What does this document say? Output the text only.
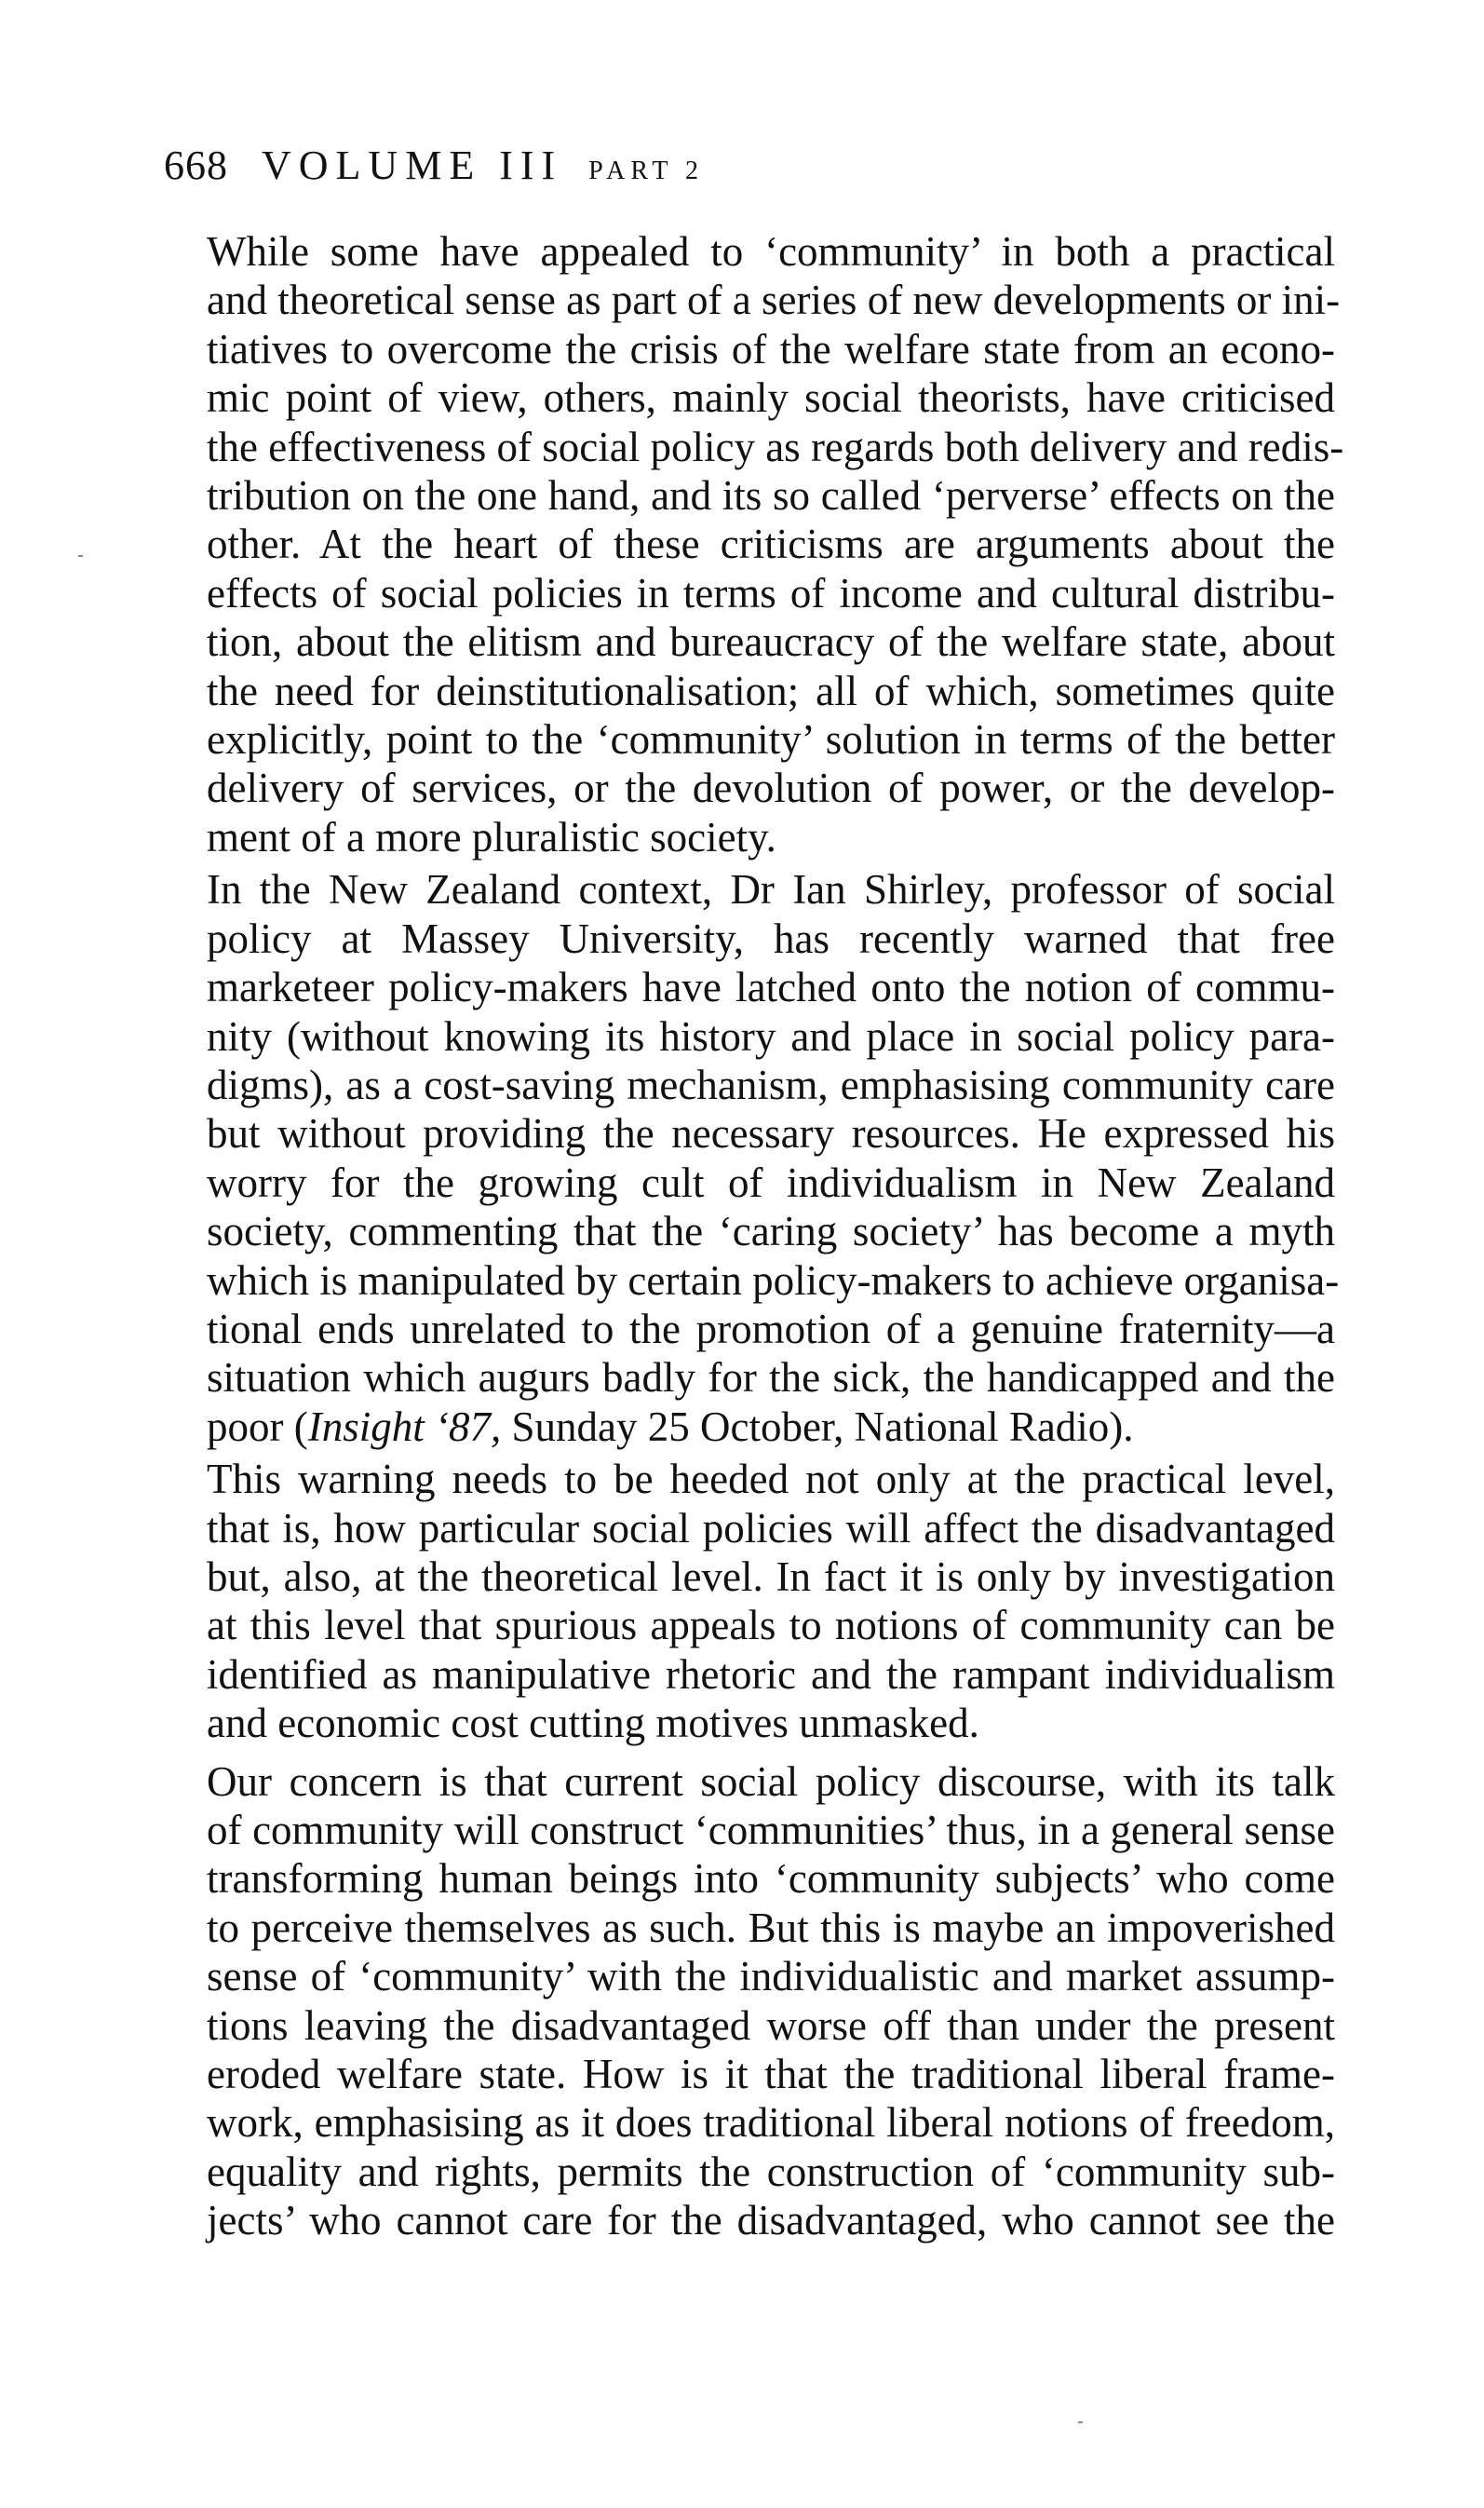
668 VOLUME III PART 2
While some have appealed to ‘community’ in both a practical
and theoretical sense as part of a series of new developments or ini-
tiatives to overcome the crisis of the welfare state from an econo-
mic point of view, others, mainly social theorists, have criticised
the effectiveness of social policy as regards both delivery and redis-
tribution on the one hand, and its so called ‘perverse’ effects on the
other. At the heart of these criticisms are arguments about the
effects of social policies in terms of income and cultural distribu-
tion, about the elitism and bureaucracy of the welfare state, about
the need for deinstitutionalisation; all of which, sometimes quite
explicitly, point to the ‘community’ solution in terms of the better
delivery of services, or the devolution of power, or the develop-
ment of a more pluralistic society.
In the New Zealand context, Dr Ian Shirley, professor of social
policy at Massey University, has recently warned that free
marketeer policy-makers have latched onto the notion of commu-
nity (without knowing its history and place in social policy para-
digms), as a cost-saving mechanism, emphasising community care
but without providing the necessary resources. He expressed his
worry for the growing cult of individualism in New Zealand
society, commenting that the ‘caring society’ has become a myth
which is manipulated by certain policy-makers to achieve organisa-
tional ends unrelated to the promotion of a genuine fraternity—a
situation which augurs badly for the sick, the handicapped and the
poor (Insight ‘87, Sunday 25 October, National Radio).
This warning needs to be heeded not only at the practical level,
that is, how particular social policies will affect the disadvantaged
but, also, at the theoretical level. In fact it is only by investigation
at this level that spurious appeals to notions of community can be
identified as manipulative rhetoric and the rampant individualism
and economic cost cutting motives unmasked.
Our concern is that current social policy discourse, with its talk
of community will construct ‘communities’ thus, in a general sense
transforming human beings into ‘community subjects’ who come
to perceive themselves as such. But this is maybe an impoverished
sense of ‘community’ with the individualistic and market assump-
tions leaving the disadvantaged worse off than under the present
eroded welfare state. How is it that the traditional liberal frame-
work, emphasising as it does traditional liberal notions of freedom,
equality and rights, permits the construction of ‘community sub-
jects’ who cannot care for the disadvantaged, who cannot see the
